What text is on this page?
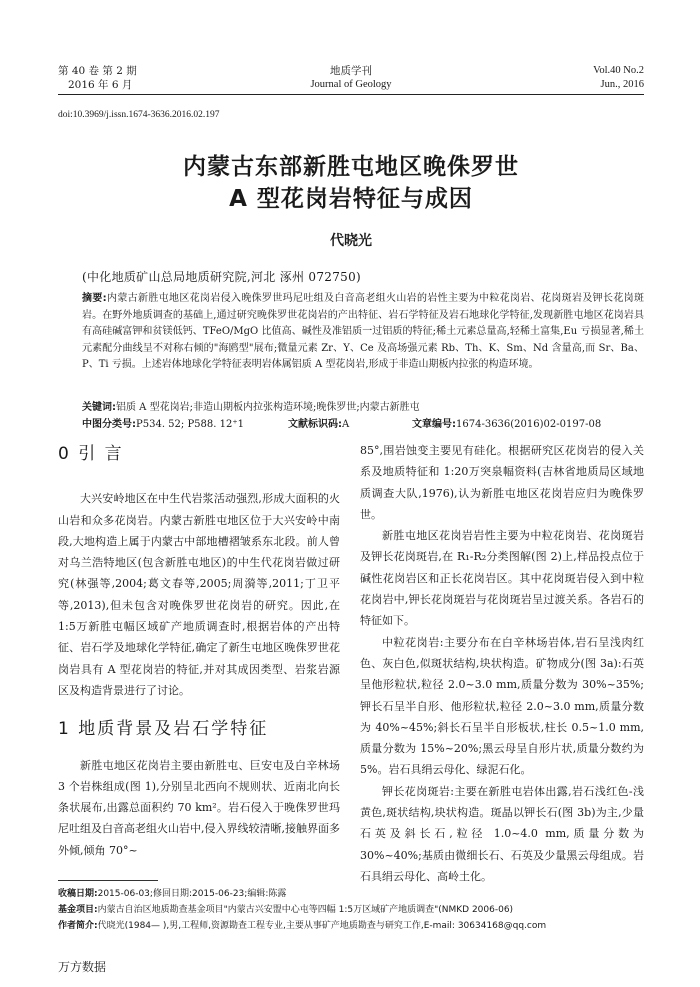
第 40 卷 第 2 期
2016 年 6 月
地质学刊
Journal of Geology
Vol.40 No.2
Jun., 2016
doi:10.3969/j.issn.1674-3636.2016.02.197
内蒙古东部新胜屯地区晚侏罗世
A 型花岗岩特征与成因
代晓光
(中化地质矿山总局地质研究院,河北 涿州 072750)
摘要:内蒙古新胜屯地区花岗岩侵入晚侏罗世玛尼吐组及白音高老组火山岩的岩性主要为中粒花岗岩、花岗斑岩及钾长花岗斑岩。在野外地质调查的基础上,通过研究晚侏罗世花岗岩的产出特征、岩石学特征及岩石地球化学特征,发现新胜屯地区花岗岩具有高硅碱富钾和贫镁低钙、TFeO/MgO 比值高、碱性及准铝质一过铝质的特征;稀土元素总量高,轻稀土富集,Eu 亏损显著,稀土元素配分曲线呈不对称右倾的"海鸥型"展布;微量元素 Zr、Y、Ce 及高场强元素 Rb、Th、K、Sm、Nd 含量高,而 Sr、Ba、P、Ti 亏损。上述岩体地球化学特征表明岩体属铝质 A 型花岗岩,形成于非造山期板内拉张的构造环境。
关键词:铝质 A 型花岗岩;非造山期板内拉张构造环境;晚侏罗世;内蒙古新胜屯
中图分类号:P534. 52; P588. 12⁺1	文献标识码:A	文章编号:1674-3636(2016)02-0197-08
0 引 言

大兴安岭地区在中生代岩浆活动强烈,形成大面积的火山岩和众多花岗岩。内蒙古新胜屯地区位于大兴安岭中南段,大地构造上属于内蒙古中部地槽褶皱系东北段。前人曾对乌兰浩特地区(包含新胜屯地区)的中生代花岗岩做过研究(林强等,2004;葛文春等,2005;周漪等,2011;丁卫平等,2013),但未包含对晚侏罗世花岗岩的研究。因此,在 1:5万新胜屯幅区域矿产地质调查时,根据岩体的产出特征、岩石学及地球化学特征,确定了新生屯地区晚侏罗世花岗岩具有 A 型花岗岩的特征,并对其成因类型、岩浆岩源区及构造背景进行了讨论。

1 地质背景及岩石学特征

新胜屯地区花岗岩主要由新胜屯、巨安屯及白辛林场 3 个岩株组成(图 1),分别呈北西向不规则状、近南北向长条状展布,出露总面积约 70 km²。岩石侵入于晚侏罗世玛尼吐组及白音高老组火山岩中,侵入界线较清晰,接触界面多外倾,倾角 70°~

85°,围岩蚀变主要见有硅化。根据研究区花岗岩的侵入关系及地质特征和 1:20万突泉幅资料(吉林省地质局区域地质调查大队,1976),认为新胜屯地区花岗岩应归为晚侏罗世。

新胜屯地区花岗岩岩性主要为中粒花岗岩、花岗斑岩及钾长花岗斑岩,在 R₁-R₂分类图解(图 2)上,样品投点位于碱性花岗岩区和正长花岗岩区。其中花岗斑岩侵入到中粒花岗岩中,钾长花岗斑岩与花岗斑岩呈过渡关系。各岩石的特征如下。

中粒花岗岩:主要分布在白辛林场岩体,岩石呈浅肉红色、灰白色,似斑状结构,块状构造。矿物成分(图 3a):石英呈他形粒状,粒径 2.0~3.0 mm,质量分数为 30%~35%;钾长石呈半自形、他形粒状,粒径 2.0~3.0 mm,质量分数为 40%~45%;斜长石呈半自形板状,柱长 0.5~1.0 mm,质量分数为 15%~20%;黑云母呈自形片状,质量分数约为 5%。岩石具绢云母化、绿泥石化。

钾长花岗斑岩:主要在新胜屯岩体出露,岩石浅红色-浅黄色,斑状结构,块状构造。斑晶以钾长石(图 3b)为主,少量石英及斜长石,粒径 1.0~4.0 mm,质量分数为 30%~40%;基质由微细长石、石英及少量黑云母组成。岩石具绢云母化、高岭土化。

收稿日期:2015-06-03;修回日期:2015-06-23;编辑:陈露
基金项目:内蒙古自治区地质勘查基金项目"内蒙古兴安盟中心屯等四幅 1:5万区域矿产地质调查"(NMKD 2006-06)
作者简介:代晓光(1984— ),男,工程师,资源勘查工程专业,主要从事矿产地质勘查与研究工作,E-mail: 30634168@qq.com
万方数据
